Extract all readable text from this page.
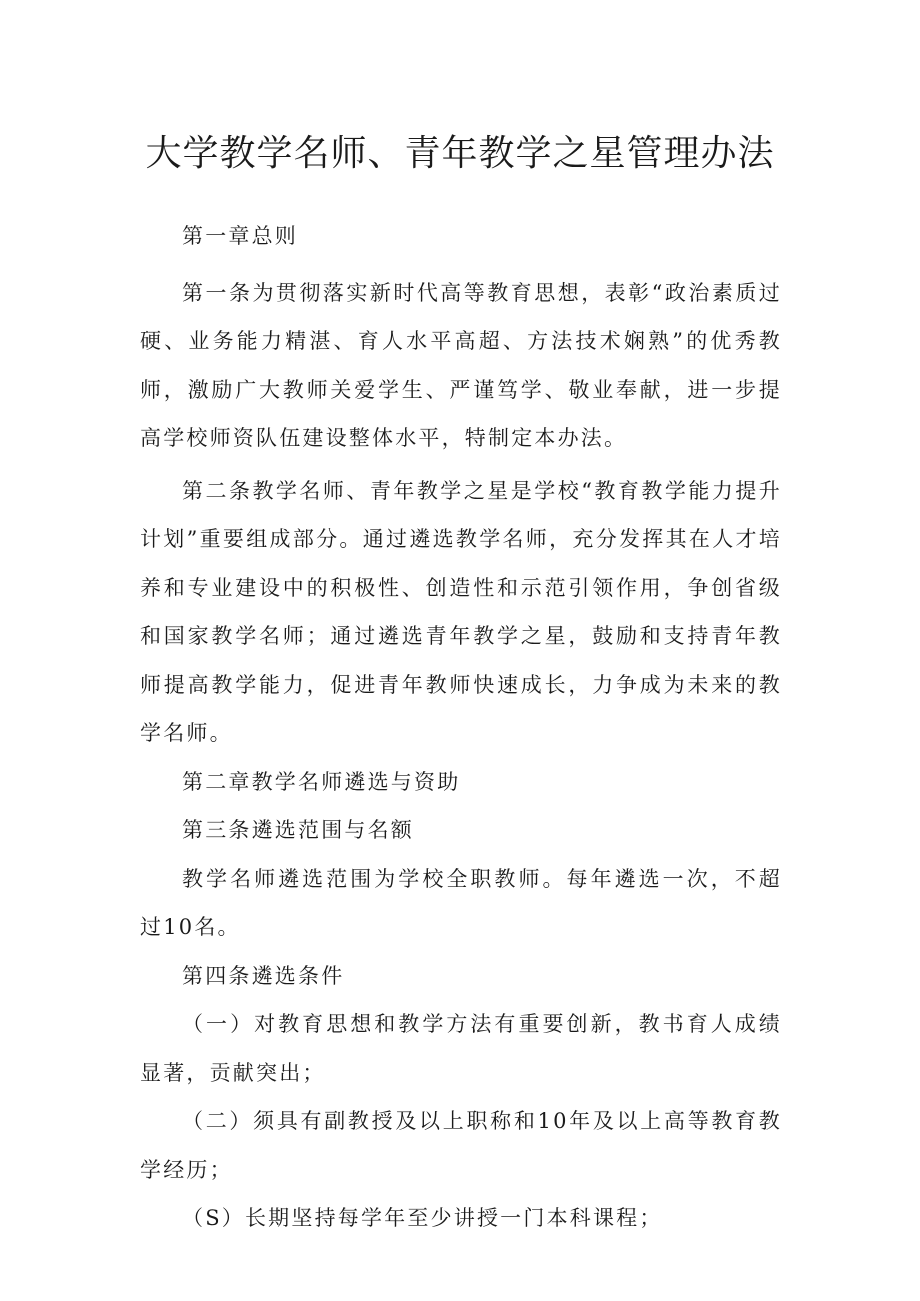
大学教学名师、青年教学之星管理办法

第一章总则

第一条为贯彻落实新时代高等教育思想，表彰“政治素质过硬、业务能力精湛、育人水平高超、方法技术娴熟”的优秀教师，激励广大教师关爱学生、严谨笃学、敬业奉献，进一步提高学校师资队伍建设整体水平，特制定本办法。

第二条教学名师、青年教学之星是学校“教育教学能力提升计划”重要组成部分。通过遴选教学名师，充分发挥其在人才培养和专业建设中的积极性、创造性和示范引领作用，争创省级和国家教学名师；通过遴选青年教学之星，鼓励和支持青年教师提高教学能力，促进青年教师快速成长，力争成为未来的教学名师。

第二章教学名师遴选与资助

第三条遴选范围与名额

教学名师遴选范围为学校全职教师。每年遴选一次，不超过10名。

第四条遴选条件

（一）对教育思想和教学方法有重要创新，教书育人成绩显著，贡献突出；

（二）须具有副教授及以上职称和10年及以上高等教育教学经历；

（S）长期坚持每学年至少讲授一门本科课程；
